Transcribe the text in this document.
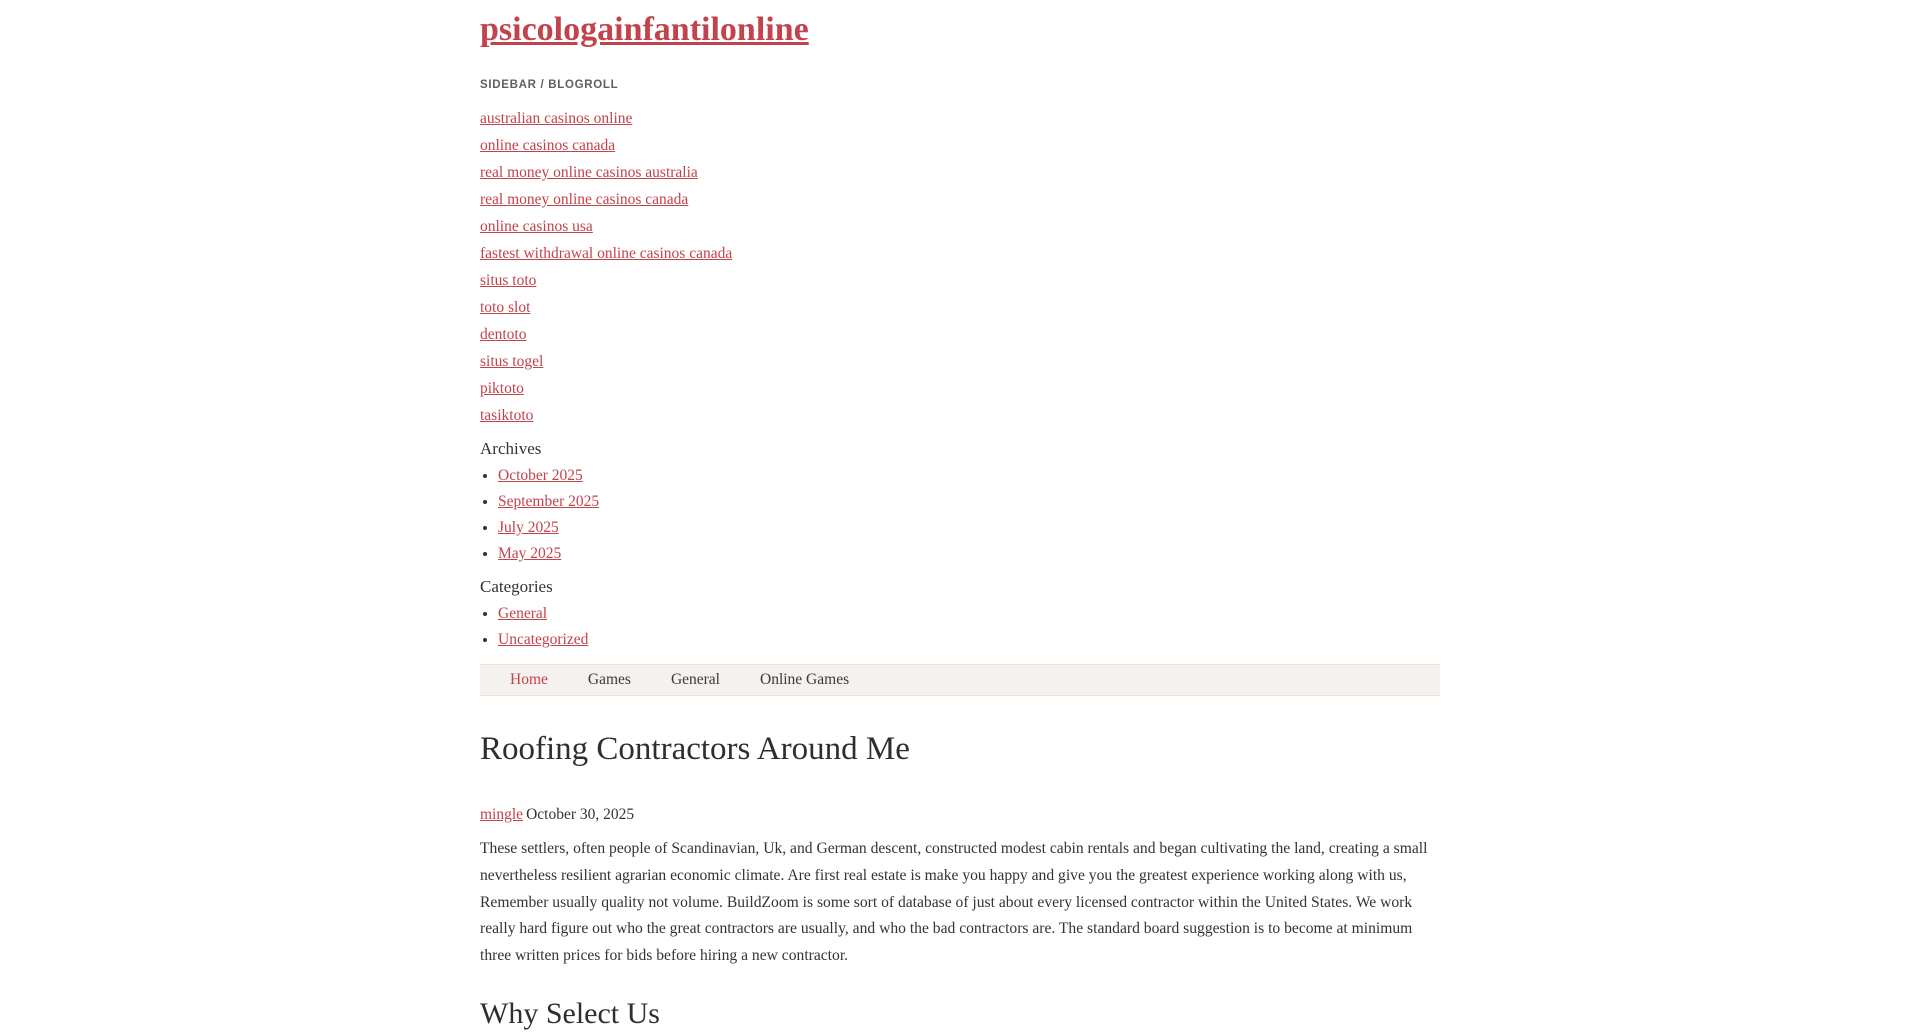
psicologainfantilonline
SIDEBAR / BLOGROLL
australian casinos online
online casinos canada
real money online casinos australia
real money online casinos canada
online casinos usa
fastest withdrawal online casinos canada
situs toto
toto slot
dentoto
situs togel
piktoto
tasiktoto
Archives
• October 2025
• September 2025
• July 2025
• May 2025
Categories
• General
• Uncategorized
Home	Games	General	Online Games
Roofing Contractors Around Me
mingle October 30, 2025

These settlers, often people of Scandinavian, Uk, and German descent, constructed modest cabin rentals and began cultivating the land, creating a small nevertheless resilient agrarian economic climate. Are first real estate is make you happy and give you the greatest experience working along with us, Remember usually quality not volume. BuildZoom is some sort of database of just about every licensed contractor within the United States. We work really hard figure out who the great contractors are usually, and who the bad contractors are. The standard board suggestion is to become at minimum three written prices for bids before hiring a new contractor.

Why Select Us
